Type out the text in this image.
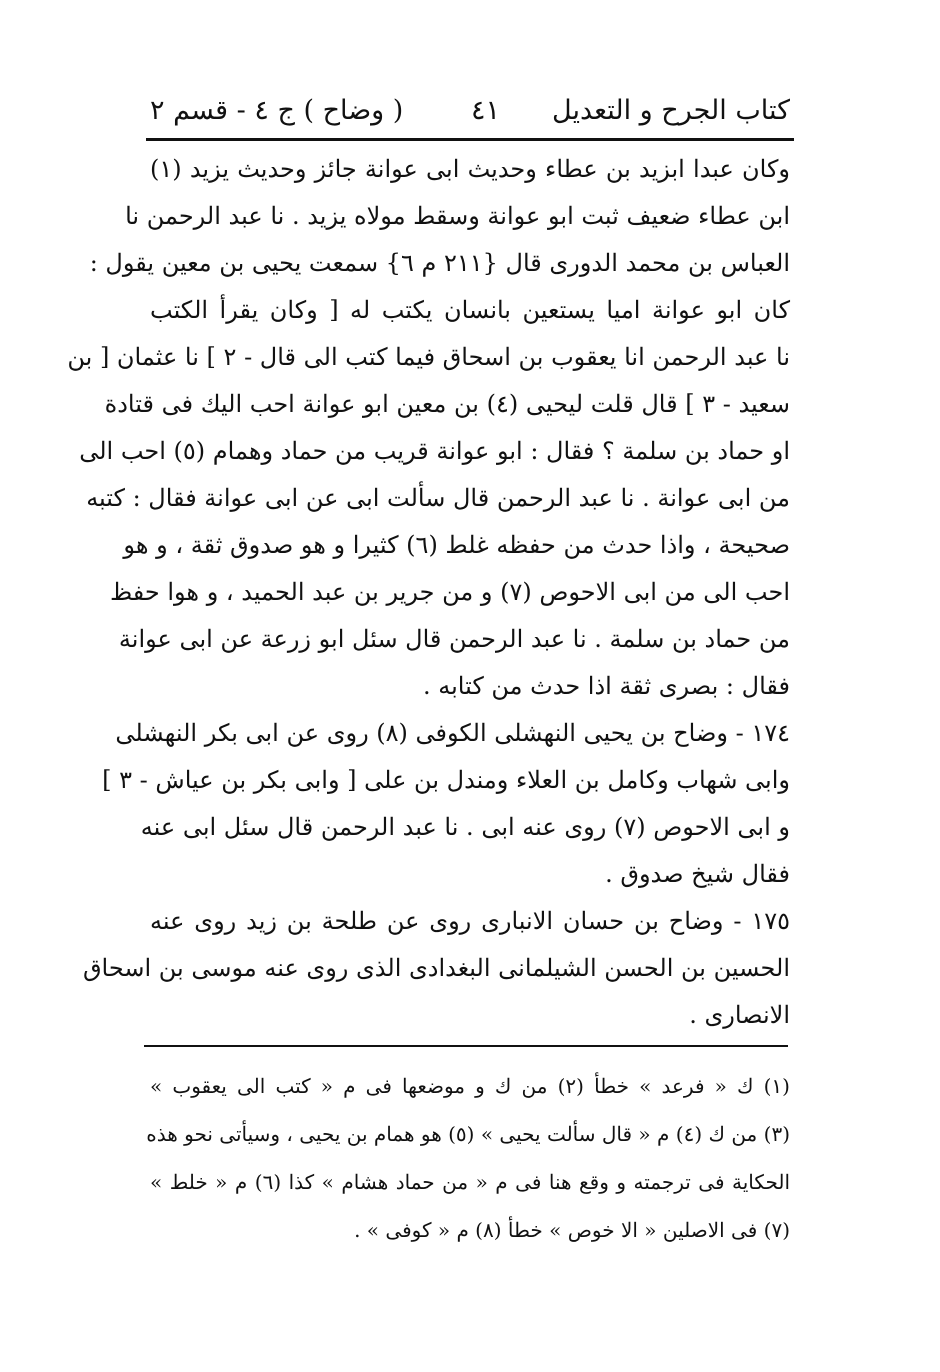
كتاب الجرح و التعديل
٤١
( وضاح ) ج ٤ - قسم ٢
وكان عبدا ابزيد بن عطاء وحديث ابى عوانة جائز وحديث يزيد (١)
ابن عطاء ضعيف ثبت ابو عوانة وسقط مولاه يزيد . نا عبد الرحمن نا
العباس بن محمد الدورى قال {٢١١ م ٦} سمعت يحيى بن معين يقول :
كان ابو عوانة اميا يستعين بانسان يكتب له [ وكان يقرأ الكتب
نا عبد الرحمن انا يعقوب بن اسحاق فيما كتب الى قال - ٢ ] نا عثمان [ بن
سعيد - ٣ ] قال قلت ليحيى (٤) بن معين ابو عوانة احب اليك فى قتادة
او حماد بن سلمة ؟ فقال : ابو عوانة قريب من حماد وهمام (٥) احب الى
من ابى عوانة . نا عبد الرحمن قال سألت ابى عن ابى عوانة فقال : كتبه
صحيحة ، واذا حدث من حفظه غلط (٦) كثيرا و هو صدوق ثقة ، و هو
احب الى من ابى الاحوص (٧) و من جرير بن عبد الحميد ، و هوا حفظ
من حماد بن سلمة . نا عبد الرحمن قال سئل ابو زرعة عن ابى عوانة
فقال : بصرى ثقة اذا حدث من كتابه .
١٧٤ - وضاح بن يحيى النهشلى الكوفى (٨) روى عن ابى بكر النهشلى
وابى شهاب وكامل بن العلاء ومندل بن على [ وابى بكر بن عياش - ٣ ]
و ابى الاحوص (٧) روى عنه ابى . نا عبد الرحمن قال سئل ابى عنه
فقال شيخ صدوق .
١٧٥ - وضاح بن حسان الانبارى روى عن طلحة بن زيد روى عنه
الحسين بن الحسن الشيلمانى البغدادى الذى روى عنه موسى بن اسحاق
الانصارى .
(١) ك « فرعد » خطأ (٢) من ك و موضعها فى م « كتب الى يعقوب »
(٣) من ك (٤) م « قال سألت يحيى » (٥) هو همام بن يحيى ، وسيأتى نحو هذه
الحكاية فى ترجمته و وقع هنا فى م « من حماد هشام » كذا (٦) م « خلط »
(٧) فى الاصلين « الا خوص » خطأ (٨) م « كوفى » .
